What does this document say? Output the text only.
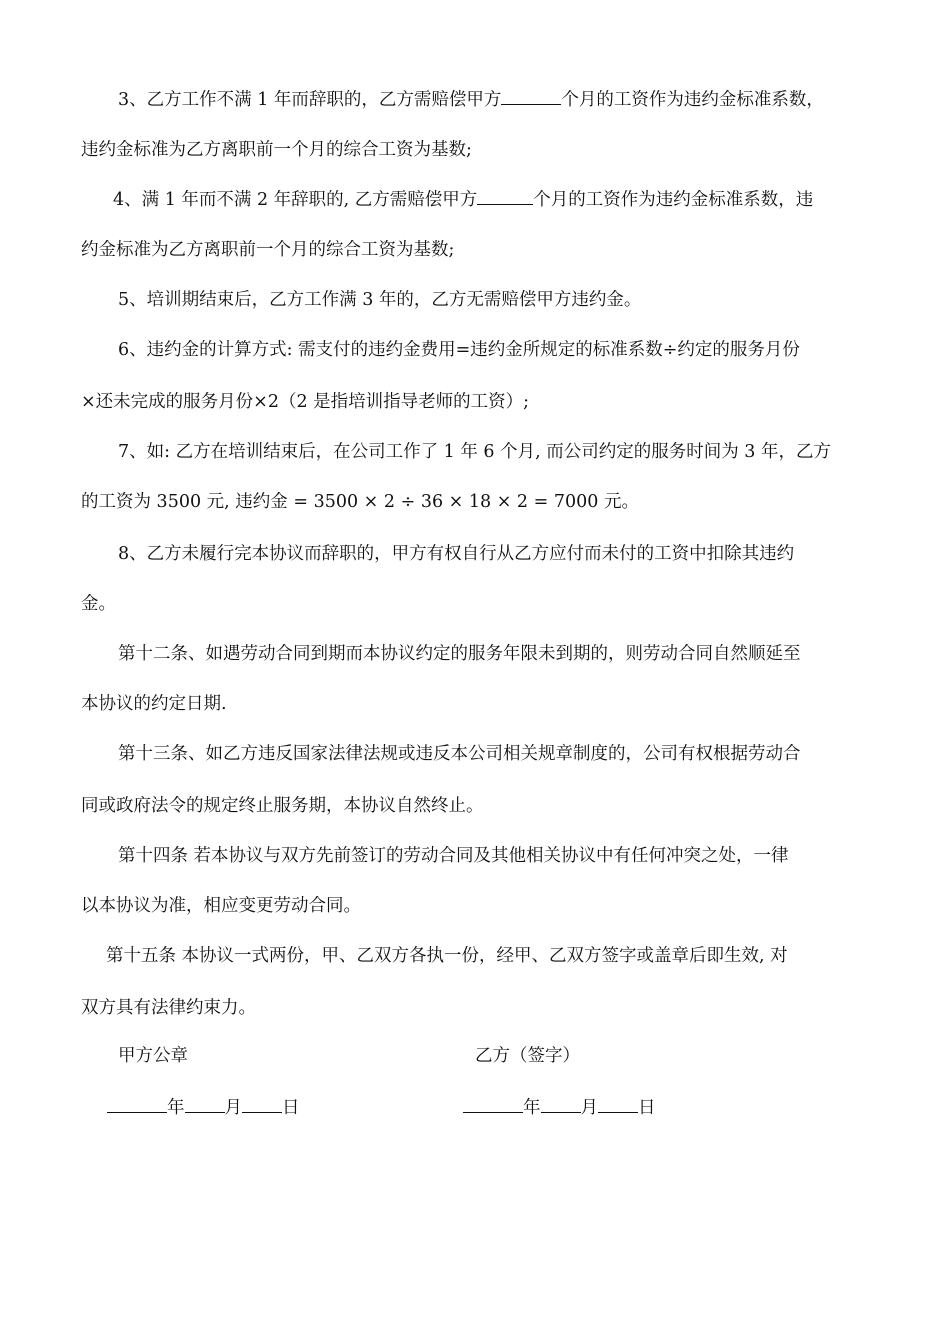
3、乙方工作不满 1 年而辞职的，乙方需赔偿甲方	个月的工资作为违约金标准系数，
违约金标准为乙方离职前一个月的综合工资为基数;
4、满 1 年而不满 2 年辞职的, 乙方需赔偿甲方	个月的工资作为违约金标准系数，违
约金标准为乙方离职前一个月的综合工资为基数;
5、培训期结束后，乙方工作满 3 年的，乙方无需赔偿甲方违约金。
6、违约金的计算方式: 需支付的违约金费用=违约金所规定的标准系数÷约定的服务月份
×还未完成的服务月份×2（2 是指培训指导老师的工资）;
7、如: 乙方在培训结束后，在公司工作了 1 年 6 个月, 而公司约定的服务时间为 3 年，乙方
的工资为 3500 元, 违约金 = 3500 × 2 ÷ 36 × 18 × 2 = 7000 元。
8、乙方未履行完本协议而辞职的，甲方有权自行从乙方应付而未付的工资中扣除其违约
金。
第十二条、如遇劳动合同到期而本协议约定的服务年限未到期的，则劳动合同自然顺延至
本协议的约定日期.
第十三条、如乙方违反国家法律法规或违反本公司相关规章制度的，公司有权根据劳动合
同或政府法令的规定终止服务期，本协议自然终止。
第十四条 若本协议与双方先前签订的劳动合同及其他相关协议中有任何冲突之处，一律
以本协议为准，相应变更劳动合同。
第十五条 本协议一式两份，甲、乙双方各执一份，经甲、乙双方签字或盖章后即生效, 对
双方具有法律约束力。
甲方公章	乙方（签字）
年 月 日	年 月 日
